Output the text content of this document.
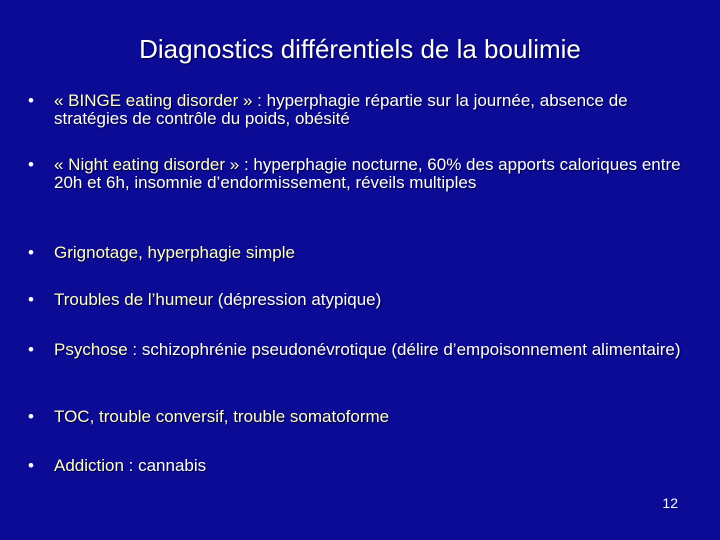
Diagnostics différentiels de la boulimie
•	« BINGE eating disorder » : hyperphagie répartie sur la journée, absence de stratégies de contrôle du poids, obésité
•	« Night eating disorder » : hyperphagie nocturne, 60% des apports caloriques entre 20h et 6h, insomnie d’endormissement, réveils multiples
•	Grignotage, hyperphagie simple
•	Troubles de l’humeur (dépression atypique)
•	Psychose : schizophrénie pseudonévrotique (délire d’empoisonnement alimentaire)
•	TOC, trouble conversif, trouble somatoforme
•	Addiction : cannabis
12
